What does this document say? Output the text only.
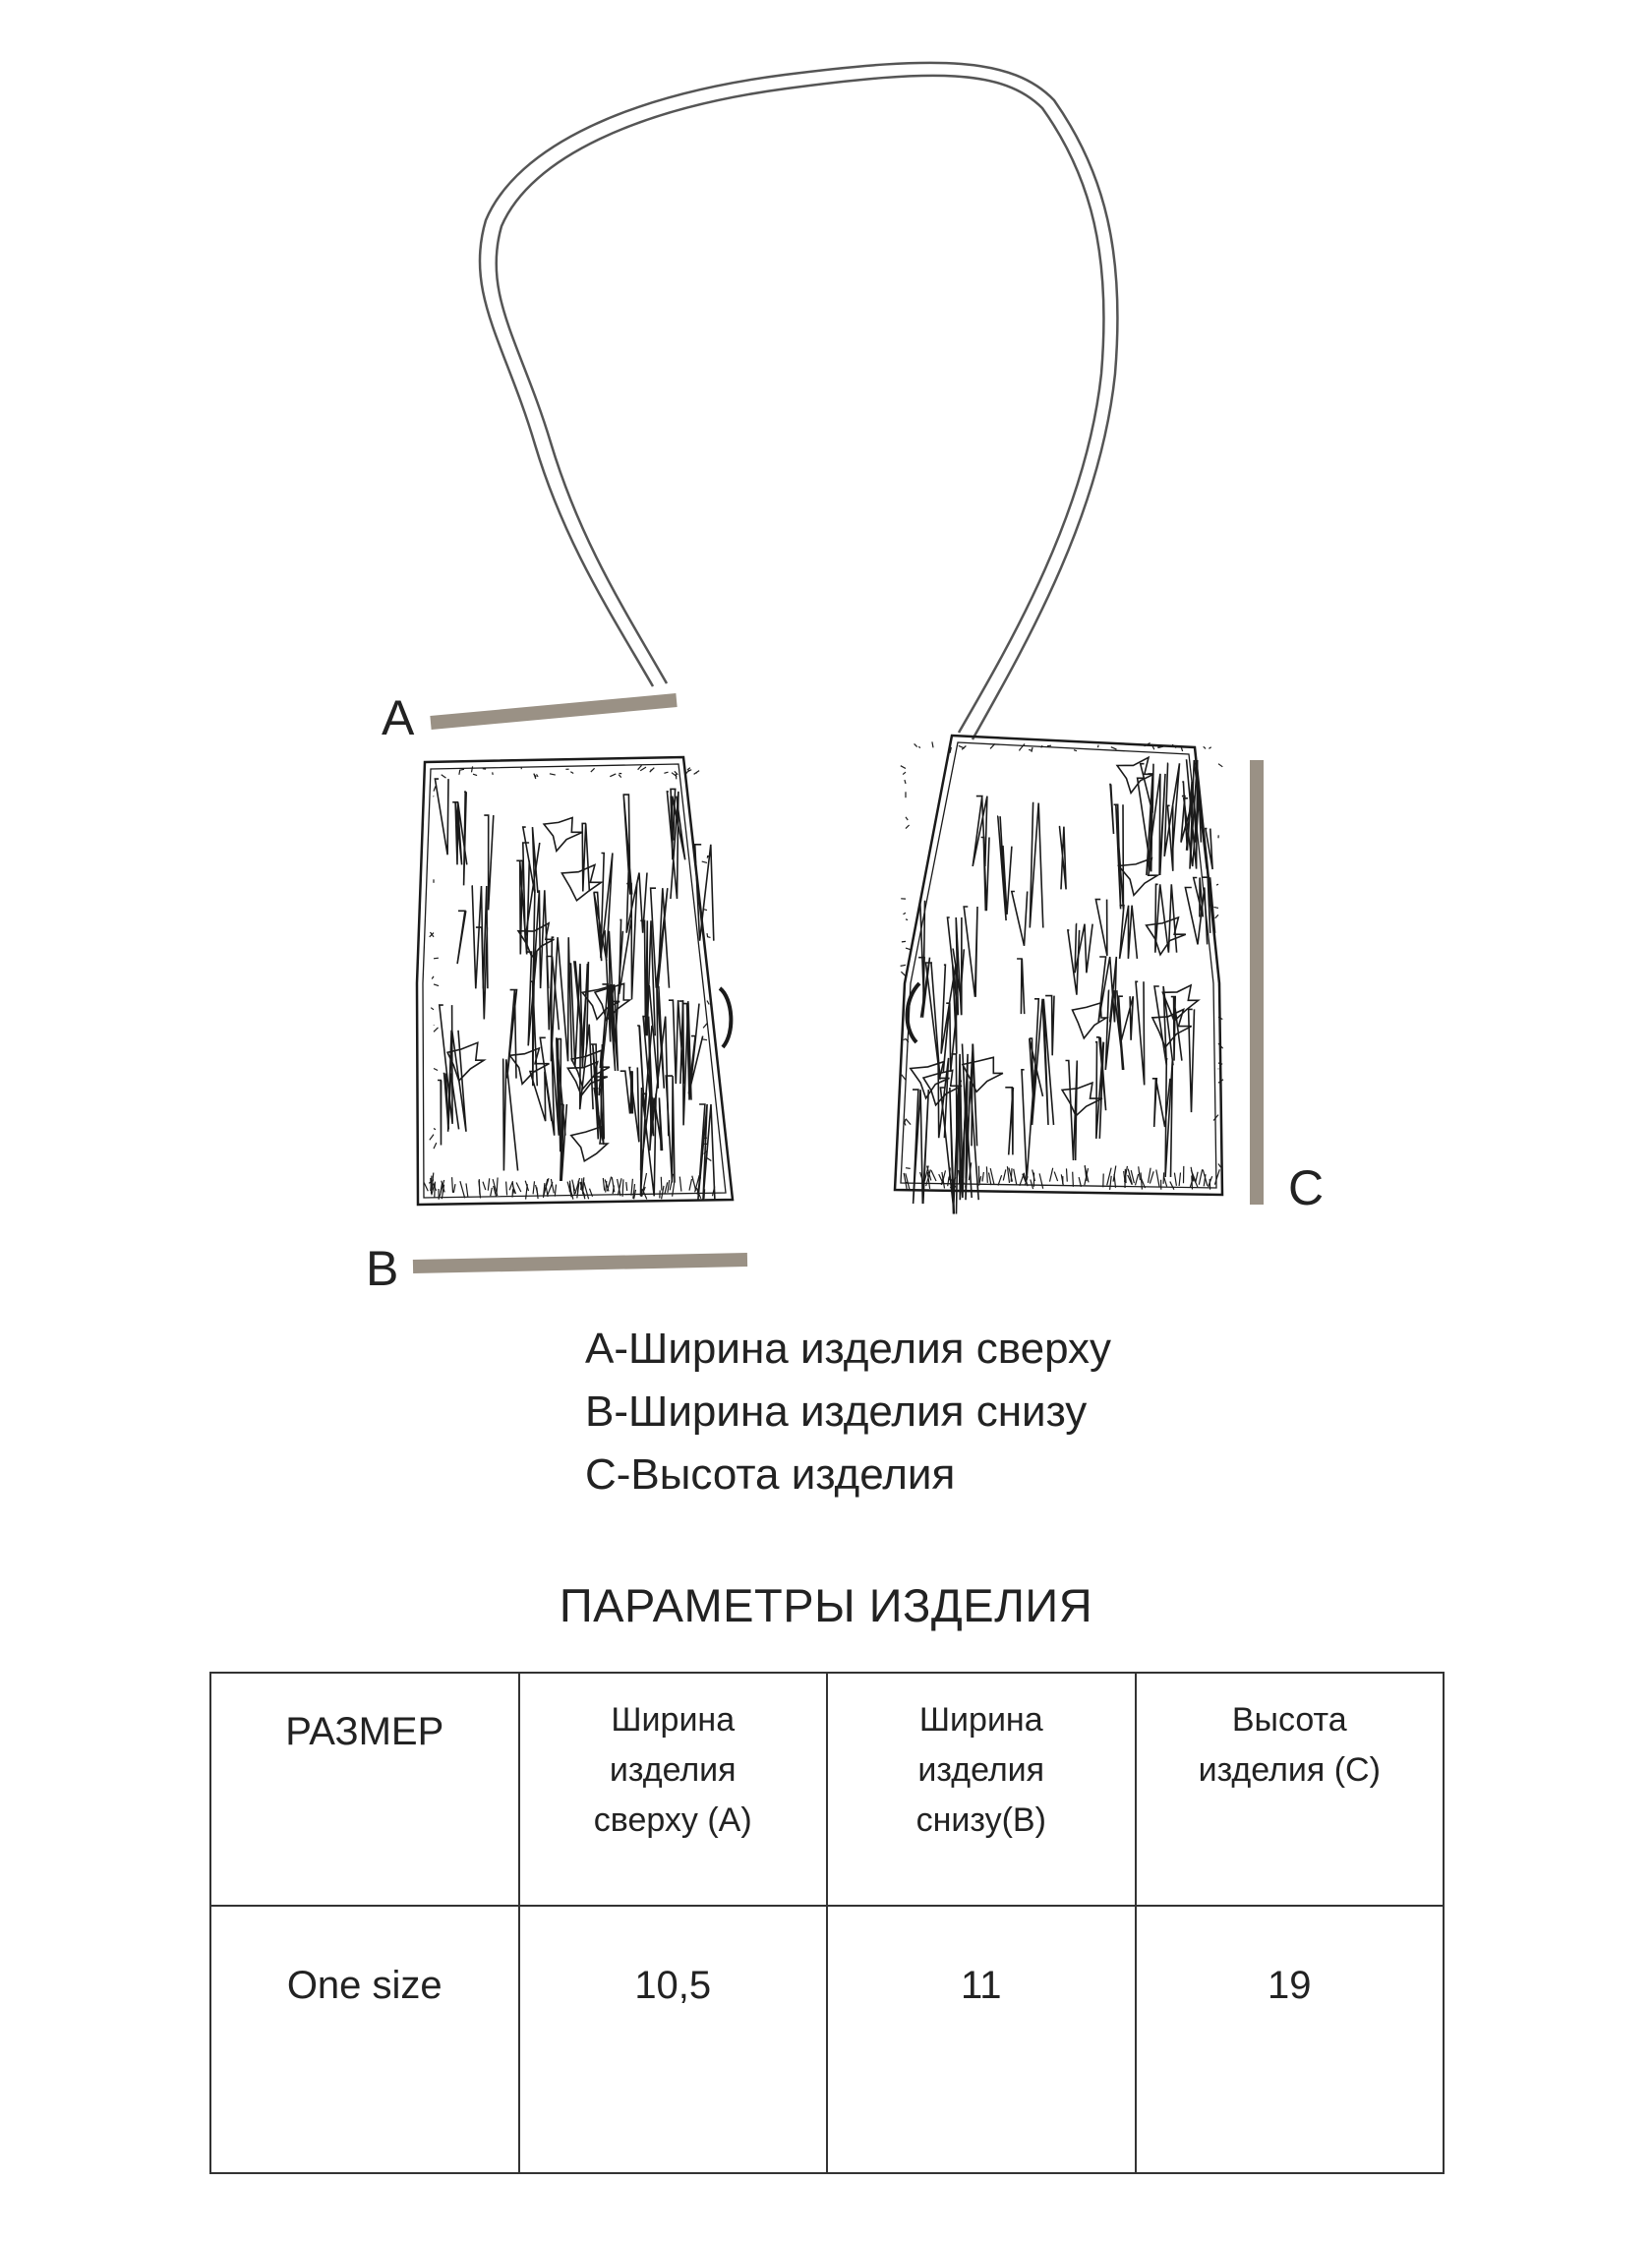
A
B
C
A-Ширина изделия сверху
B-Ширина изделия снизу
C-Высота изделия
ПАРАМЕТРЫ ИЗДЕЛИЯ
РАЗМЕР	Ширина изделия сверху (A)	Ширина изделия снизу(B)	Высота изделия (C)
One size	10,5	11	19
